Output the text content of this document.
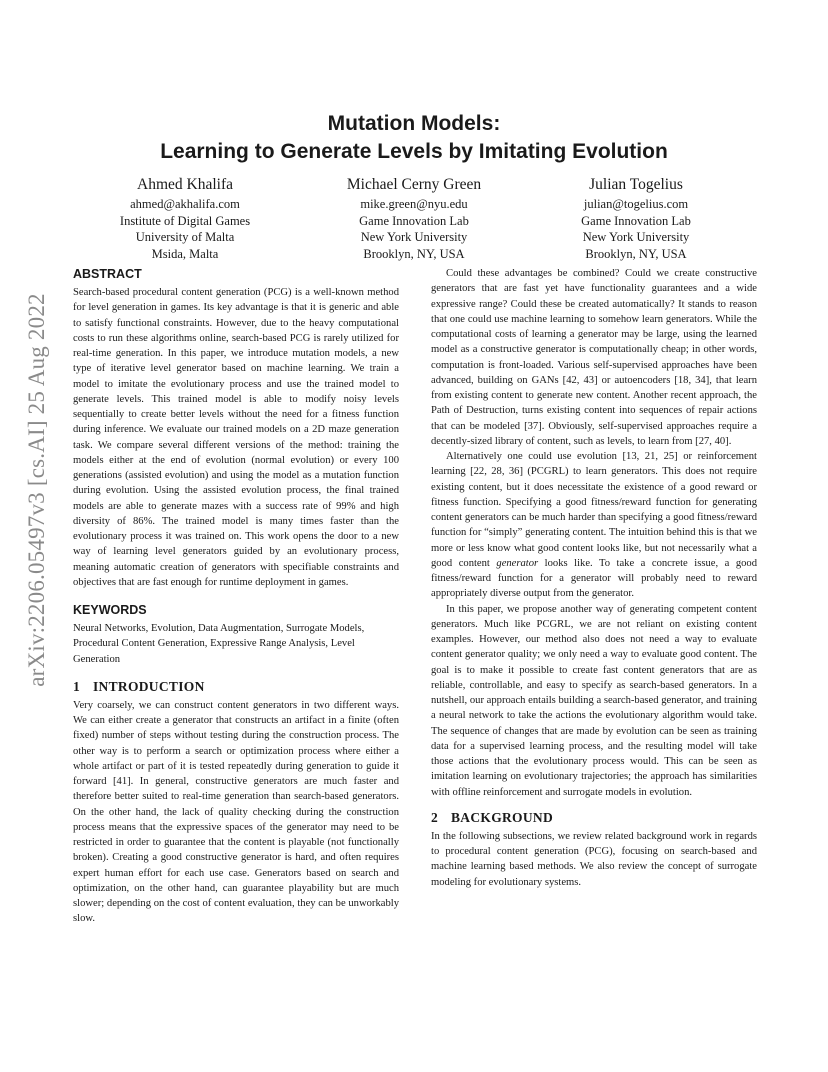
arXiv:2206.05497v3 [cs.AI] 25 Aug 2022
Mutation Models:
Learning to Generate Levels by Imitating Evolution
Ahmed Khalifa
ahmed@akhalifa.com
Institute of Digital Games
University of Malta
Msida, Malta
Michael Cerny Green
mike.green@nyu.edu
Game Innovation Lab
New York University
Brooklyn, NY, USA
Julian Togelius
julian@togelius.com
Game Innovation Lab
New York University
Brooklyn, NY, USA
ABSTRACT

Search-based procedural content generation (PCG) is a well-known method for level generation in games. Its key advantage is that it is generic and able to satisfy functional constraints. However, due to the heavy computational costs to run these algorithms online, search-based PCG is rarely utilized for real-time generation. In this paper, we introduce mutation models, a new type of iterative level generator based on machine learning. We train a model to imitate the evolutionary process and use the trained model to generate levels. This trained model is able to modify noisy levels sequentially to create better levels without the need for a fitness function during inference. We evaluate our trained models on a 2D maze generation task. We compare several different versions of the method: training the models either at the end of evolution (normal evolution) or every 100 generations (assisted evolution) and using the model as a mutation function during evolution. Using the assisted evolution process, the final trained models are able to generate mazes with a success rate of 99% and high diversity of 86%. The trained model is many times faster than the evolutionary process it was trained on. This work opens the door to a new way of learning level generators guided by an evolutionary process, meaning automatic creation of generators with specifiable constraints and objectives that are fast enough for runtime deployment in games.

KEYWORDS

Neural Networks, Evolution, Data Augmentation, Surrogate Models, Procedural Content Generation, Expressive Range Analysis, Level Generation

1 INTRODUCTION

Very coarsely, we can construct content generators in two different ways. We can either create a generator that constructs an artifact in a finite (often fixed) number of steps without testing during the construction process. The other way is to perform a search or optimization process where either a whole artifact or part of it is tested repeatedly during generation to guide it forward [41]. In general, constructive generators are much faster and therefore better suited to real-time generation than search-based generators. On the other hand, the lack of quality checking during the construction process means that the expressive spaces of the generator may need to be restricted in order to guarantee that the content is playable (not functionally broken). Creating a good constructive generator is hard, and often requires expert human effort for each use case. Generators based on search and optimization, on the other hand, can guarantee playability but are much slower; depending on the cost of content evaluation, they can be unworkably slow.

Could these advantages be combined? Could we create constructive generators that are fast yet have functionality guarantees and a wide expressive range? Could these be created automatically? It stands to reason that one could use machine learning to somehow learn generators. While the computational costs of learning a generator may be large, using the learned model as a constructive generator is computationally cheap; in other words, computation is front-loaded. Various self-supervised approaches have been advanced, building on GANs [42, 43] or autoencoders [18, 34], that learn from existing content to generate new content. Another recent approach, the Path of Destruction, turns existing content into sequences of repair actions that can be modeled [37]. Obviously, self-supervised approaches require a decently-sized library of content, such as levels, to learn from [27, 40].

Alternatively one could use evolution [13, 21, 25] or reinforcement learning [22, 28, 36] (PCGRL) to learn generators. This does not require existing content, but it does necessitate the existence of a good reward or fitness function. Specifying a good fitness/reward function for generating content generators can be much harder than specifying a good fitness/reward function for “simply” generating content. The intuition behind this is that we more or less know what good content looks like, but not necessarily what a good content generator looks like. To take a concrete issue, a good fitness/reward function for a generator will probably need to reward appropriately diverse output from the generator.

In this paper, we propose another way of generating competent content generators. Much like PCGRL, we are not reliant on existing content examples. However, our method also does not need a way to evaluate content generator quality; we only need a way to evaluate good content. The goal is to make it possible to create fast content generators that are as reliable, controllable, and easy to specify as search-based generators. In a nutshell, our approach entails building a search-based generator, and training a neural network to take the actions the evolutionary algorithm would take. The sequence of changes that are made by evolution can be seen as training data for a supervised learning process, and the resulting model will take those actions that the evolutionary process would. This can be seen as imitation learning on evolutionary trajectories; the approach has similarities with offline reinforcement and surrogate models in evolution.

2 BACKGROUND

In the following subsections, we review related background work in regards to procedural content generation (PCG), focusing on search-based and machine learning based methods. We also review the concept of surrogate modeling for evolutionary systems.
